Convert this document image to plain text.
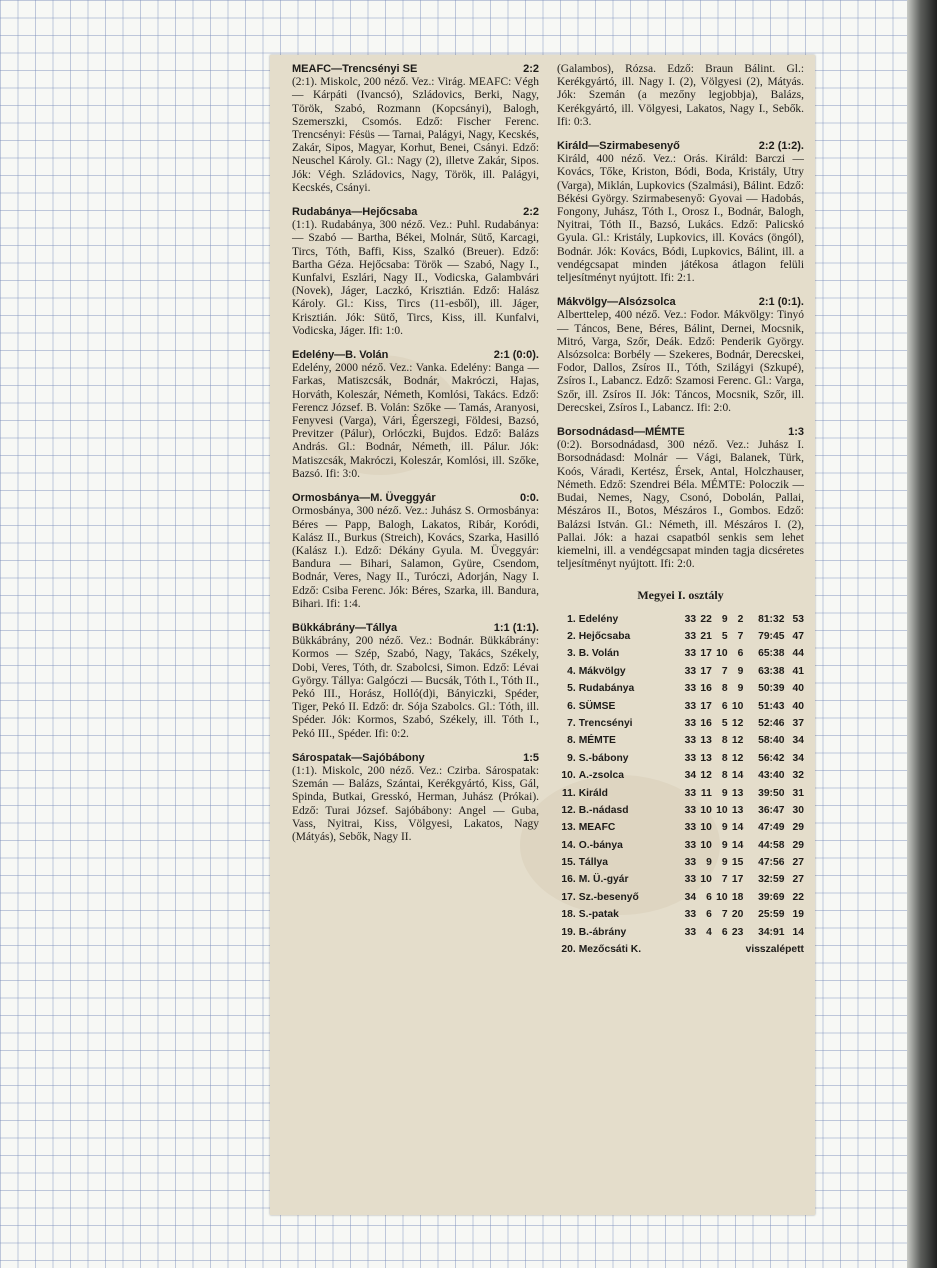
MEAFC—Trencsényi SE	2:2

(2:1). Miskolc, 200 néző. Vez.: Virág. MEAFC: Végh — Kárpáti (Ivancsó), Szládovics, Berki, Nagy, Török, Szabó, Rozmann (Kopcsányi), Balogh, Szemerszki, Csomós. Edző: Fischer Ferenc. Trencsényi: Fésüs — Tarnai, Palágyi, Nagy, Kecskés, Zakár, Sipos, Magyar, Korhut, Benei, Csányi. Edző: Neuschel Károly. Gl.: Nagy (2), illetve Zakár, Sipos. Jók: Végh. Szládovics, Nagy, Török, ill. Palágyi, Kecskés, Csányi.

Rudabánya—Hejőcsaba	2:2

(1:1). Rudabánya, 300 néző. Vez.: Puhl. Rudabánya: — Szabó — Bartha, Békei, Molnár, Sütő, Karcagi, Tircs, Tóth, Baffi, Kiss, Szalkó (Breuer). Edző: Bartha Géza. Hejőcsaba: Török — Szabó, Nagy I., Kunfalvi, Eszlári, Nagy II., Vodicska, Galambvári (Novek), Jáger, Laczkó, Krisztián. Edző: Halász Károly. Gl.: Kiss, Tircs (11-esből), ill. Jáger, Krisztián. Jók: Sütő, Tircs, Kiss, ill. Kunfalvi, Vodicska, Jáger. Ifi: 1:0.

Edelény—B. Volán	2:1 (0:0).

Edelény, 2000 néző. Vez.: Vanka. Edelény: Banga — Farkas, Matiszcsák, Bodnár, Makróczi, Hajas, Horváth, Koleszár, Németh, Komlósi, Takács. Edző: Ferencz József. B. Volán: Szőke — Tamás, Aranyosi, Fenyvesi (Varga), Vári, Égerszegi, Földesi, Bazsó, Previtzer (Pálur), Orlóczki, Bujdos. Edző: Balázs András. Gl.: Bodnár, Németh, ill. Pálur. Jók: Matiszcsák, Makróczi, Koleszár, Komlósi, ill. Szőke, Bazsó. Ifi: 3:0.

Ormosbánya—M. Üveggyár	0:0.

Ormosbánya, 300 néző. Vez.: Juhász S. Ormosbánya: Béres — Papp, Balogh, Lakatos, Ribár, Koródi, Kalász II., Burkus (Streich), Kovács, Szarka, Hasilló (Kalász I.). Edző: Dékány Gyula. M. Üveggyár: Bandura — Bihari, Salamon, Gyüre, Csendom, Bodnár, Veres, Nagy II., Turóczi, Adorján, Nagy I. Edző: Csiba Ferenc. Jók: Béres, Szarka, ill. Bandura, Bihari. Ifi: 1:4.

Bükkábrány—Tállya	1:1 (1:1).

Bükkábrány, 200 néző. Vez.: Bodnár. Bükkábrány: Kormos — Szép, Szabó, Nagy, Takács, Székely, Dobi, Veres, Tóth, dr. Szabolcsi, Simon. Edző: Lévai György. Tállya: Galgóczi — Bucsák, Tóth I., Tóth II., Pekó III., Horász, Holló(d)i, Bányiczki, Spéder, Tiger, Pekó II. Edző: dr. Sója Szabolcs. Gl.: Tóth, ill. Spéder. Jók: Kormos, Szabó, Székely, ill. Tóth I., Pekó III., Spéder. Ifi: 0:2.

Sárospatak—Sajóbábony	1:5

(1:1). Miskolc, 200 néző. Vez.: Czirba. Sárospatak: Szemán — Balázs, Szántai, Kerékgyártó, Kiss, Gál, Spinda, Butkai, Gresskó, Herman, Juhász (Prókai). Edző: Turai József. Sajóbábony: Angel — Guba, Vass, Nyitrai, Kiss, Völgyesi, Lakatos, Nagy (Mátyás), Sebők, Nagy II.

(Galambos), Rózsa. Edző: Braun Bálint. Gl.: Kerékgyártó, ill. Nagy I. (2), Völgyesi (2), Mátyás. Jók: Szemán (a mezőny legjobbja), Balázs, Kerékgyártó, ill. Völgyesi, Lakatos, Nagy I., Sebők. Ifi: 0:3.

Királd—Szirmabesenyő	2:2 (1:2).

Királd, 400 néző. Vez.: Orás. Királd: Barczi — Kovács, Tőke, Kriston, Bódi, Boda, Kristály, Utry (Varga), Miklán, Lupkovics (Szalmási), Bálint. Edző: Békési György. Szirmabesenyő: Gyovai — Hadobás, Fongony, Juhász, Tóth I., Orosz I., Bodnár, Balogh, Nyitrai, Tóth II., Bazsó, Lukács. Edző: Palicskó Gyula. Gl.: Kristály, Lupkovics, ill. Kovács (öngól), Bodnár. Jók: Kovács, Bódi, Lupkovics, Bálint, ill. a vendégcsapat minden játékosa átlagon felüli teljesítményt nyújtott. Ifi: 2:1.

Mákvölgy—Alsózsolca	2:1 (0:1).

Alberttelep, 400 néző. Vez.: Fodor. Mákvölgy: Tinyó — Táncos, Bene, Béres, Bálint, Dernei, Mocsnik, Mitró, Varga, Szőr, Deák. Edző: Penderik György. Alsózsolca: Borbély — Szekeres, Bodnár, Derecskei, Fodor, Dallos, Zsíros II., Tóth, Szilágyi (Szkupé), Zsíros I., Labancz. Edző: Szamosi Ferenc. Gl.: Varga, Szőr, ill. Zsíros II. Jók: Táncos, Mocsnik, Szőr, ill. Derecskei, Zsíros I., Labancz. Ifi: 2:0.

Borsodnádasd—MÉMTE	1:3

(0:2). Borsodnádasd, 300 néző. Vez.: Juhász I. Borsodnádasd: Molnár — Vági, Balanek, Türk, Koós, Váradi, Kertész, Érsek, Antal, Holczhauser, Németh. Edző: Szendrei Béla. MÉMTE: Poloczik — Budai, Nemes, Nagy, Csonó, Dobolán, Pallai, Mészáros II., Botos, Mészáros I., Gombos. Edző: Balázsi István. Gl.: Németh, ill. Mészáros I. (2), Pallai. Jók: a hazai csapatból senkis sem lehet kiemelni, ill. a vendégcsapat minden tagja dicséretes teljesítményt nyújtott. Ifi: 2:0.

Megyei I. osztály
1.	Edelény	33	22	9	2	81:32	53
2.	Hejőcsaba	33	21	5	7	79:45	47
3.	B. Volán	33	17	10	6	65:38	44
4.	Mákvölgy	33	17	7	9	63:38	41
5.	Rudabánya	33	16	8	9	50:39	40
6.	SÜMSE	33	17	6	10	51:43	40
7.	Trencsényi	33	16	5	12	52:46	37
8.	MÉMTE	33	13	8	12	58:40	34
9.	S.-bábony	33	13	8	12	56:42	34
10.	A.-zsolca	34	12	8	14	43:40	32
11.	Királd	33	11	9	13	39:50	31
12.	B.-nádasd	33	10	10	13	36:47	30
13.	MEAFC	33	10	9	14	47:49	29
14.	O.-bánya	33	10	9	14	44:58	29
15.	Tállya	33	9	9	15	47:56	27
16.	M. Ü.-gyár	33	10	7	17	32:59	27
17.	Sz.-besenyő	34	6	10	18	39:69	22
18.	S.-patak	33	6	7	20	25:59	19
19.	B.-ábrány	33	4	6	23	34:91	14
20.	Mezőcsáti K.			visszalépett			
